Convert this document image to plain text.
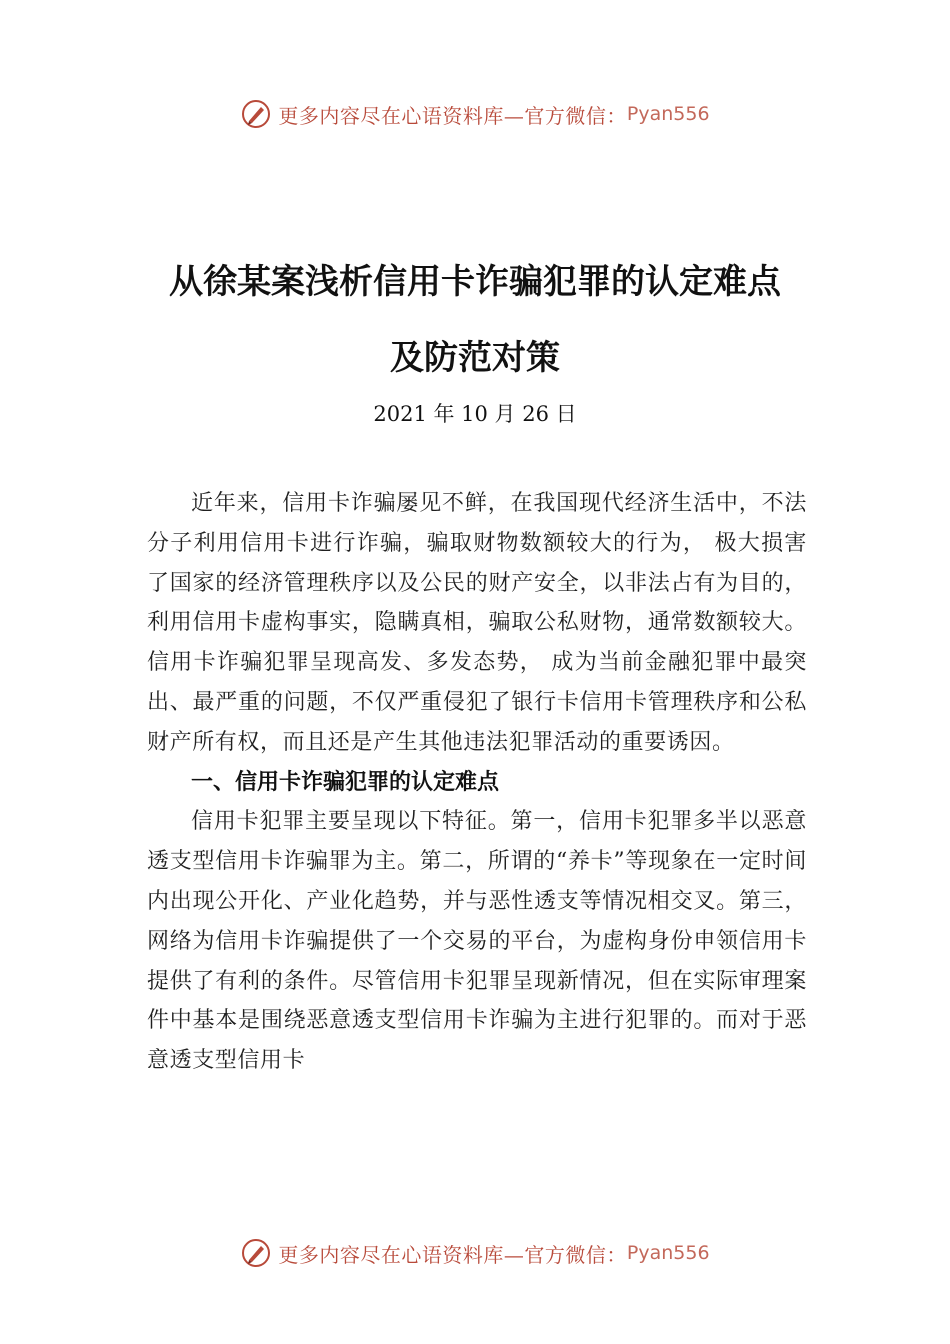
更多内容尽在心语资料库—官方微信： Pyan556
从徐某案浅析信用卡诈骗犯罪的认定难点
及防范对策
2021 年 10 月 26 日

近年来，信用卡诈骗屡见不鲜，在我国现代经济生活中，不法分子利用信用卡进行诈骗，骗取财物数额较大的行为， 极大损害了国家的经济管理秩序以及公民的财产安全，以非法占有为目的，利用信用卡虚构事实，隐瞒真相，骗取公私财物，通常数额较大。信用卡诈骗犯罪呈现高发、多发态势， 成为当前金融犯罪中最突出、最严重的问题，不仅严重侵犯了银行卡信用卡管理秩序和公私财产所有权，而且还是产生其他违法犯罪活动的重要诱因。

一、信用卡诈骗犯罪的认定难点

信用卡犯罪主要呈现以下特征。第一，信用卡犯罪多半以恶意透支型信用卡诈骗罪为主。第二，所谓的“养卡”等现象在一定时间内出现公开化、产业化趋势，并与恶性透支等情况相交叉。第三，网络为信用卡诈骗提供了一个交易的平台，为虚构身份申领信用卡提供了有利的条件。尽管信用卡犯罪呈现新情况，但在实际审理案件中基本是围绕恶意透支型信用卡诈骗为主进行犯罪的。而对于恶意透支型信用卡

更多内容尽在心语资料库—官方微信： Pyan556
